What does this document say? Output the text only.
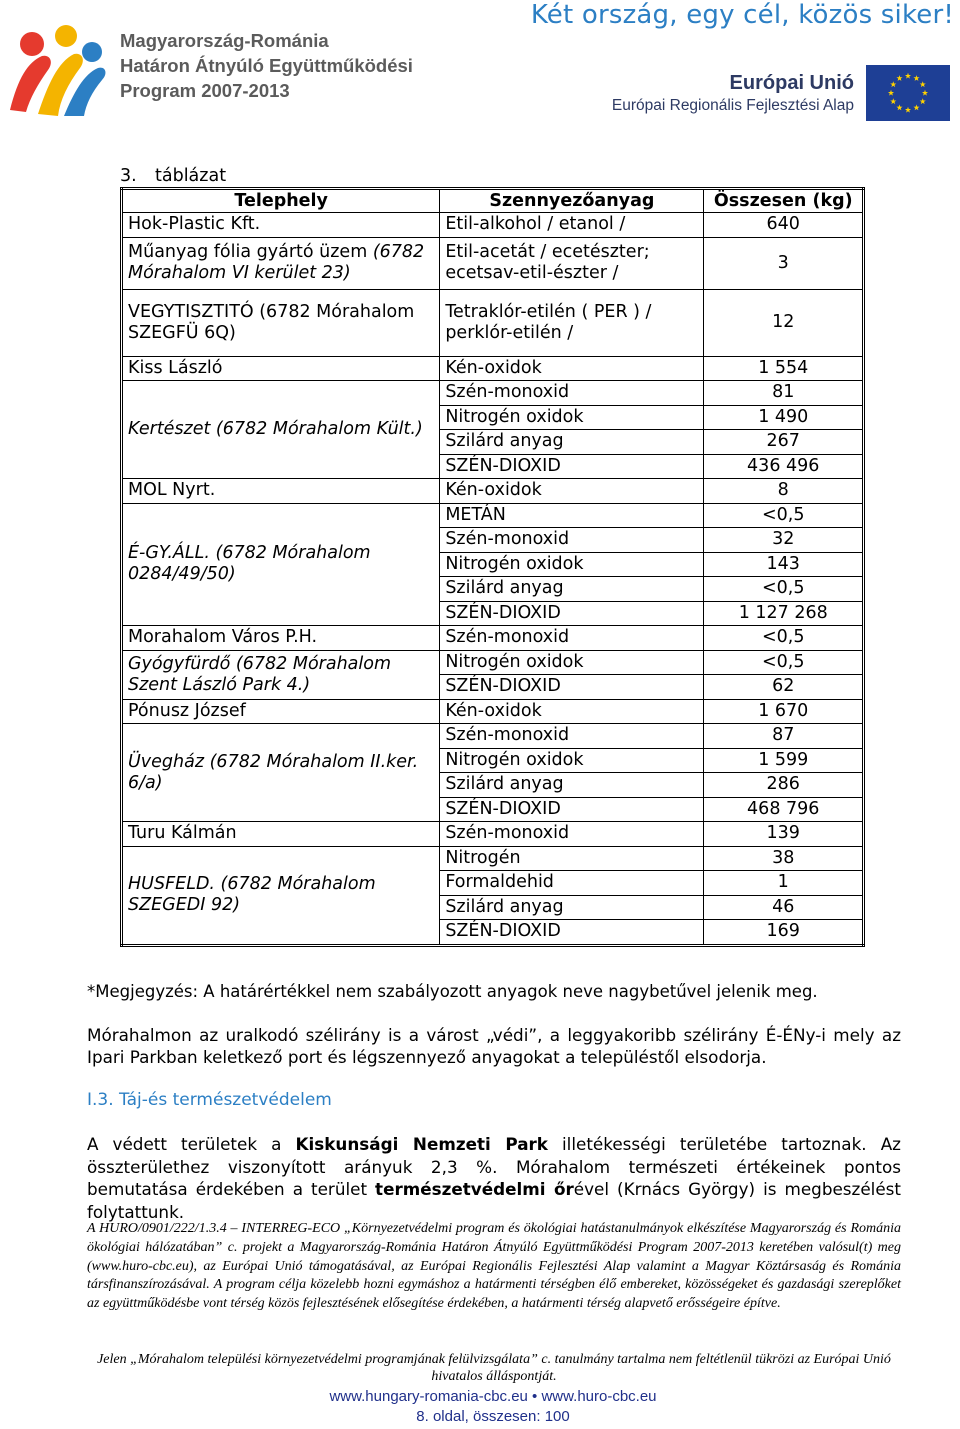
Két ország, egy cél, közös siker!
Magyarország-Románia
Határon Átnyúló Együttműködési
Program 2007-2013	Európai Unió
Európai Regionális Fejlesztési Alap
3. táblázat
Telephely	Szennyezőanyag	Összesen (kg)
Hok-Plastic Kft.	Etil-alkohol / etanol /	640
Műanyag fólia gyártó üzem (6782 Mórahalom VI kerület 23)	Etil-acetát / ecetészter; ecetsav-etil-észter /	3
VEGYTISZTITÓ (6782 Mórahalom SZEGFÜ 6Q)	Tetraklór-etilén ( PER ) / perklór-etilén /	12
Kiss László	Kén-oxidok	1 554
Kertészet (6782 Mórahalom Kült.)	Szén-monoxid	81
	Nitrogén oxidok	1 490
	Szilárd anyag	267
	SZÉN-DIOXID	436 496
MOL Nyrt.	Kén-oxidok	8
É-GY.ÁLL. (6782 Mórahalom 0284/49/50)	METÁN	<0,5
	Szén-monoxid	32
	Nitrogén oxidok	143
	Szilárd anyag	<0,5
	SZÉN-DIOXID	1 127 268
Morahalom Város P.H.	Szén-monoxid	<0,5
Gyógyfürdő (6782 Mórahalom Szent László Park 4.)	Nitrogén oxidok	<0,5
	SZÉN-DIOXID	62
Pónusz József	Kén-oxidok	1 670
Üvegház (6782 Mórahalom II.ker. 6/a)	Szén-monoxid	87
	Nitrogén oxidok	1 599
	Szilárd anyag	286
	SZÉN-DIOXID	468 796
Turu Kálmán	Szén-monoxid	139
HUSFELD. (6782 Mórahalom SZEGEDI 92)	Nitrogén	38
	Formaldehid	1
	Szilárd anyag	46
	SZÉN-DIOXID	169
*Megjegyzés: A határértékkel nem szabályozott anyagok neve nagybetűvel jelenik meg.
Mórahalmon az uralkodó szélirány is a várost „védi”, a leggyakoribb szélirány É-ÉNy-i mely az Ipari Parkban keletkező port és légszennyező anyagokat a településtől elsodorja.
I.3. Táj-és természetvédelem
A védett területek a Kiskunsági Nemzeti Park illetékességi területébe tartoznak. Az összterülethez viszonyított arányuk 2,3 %. Mórahalom természeti értékeinek pontos bemutatása érdekében a terület természetvédelmi őrével (Krnács György) is megbeszélést folytattunk.
A HURO/0901/222/1.3.4 – INTERREG-ECO „Környezetvédelmi program és ökológiai hatástanulmányok elkészítése Magyarország és Románia ökológiai hálózatában” c. projekt a Magyarország-Románia Határon Átnyúló Együttműködési Program 2007-2013 keretében valósul(t) meg (www.huro-cbc.eu), az Európai Unió támogatásával, az Európai Regionális Fejlesztési Alap valamint a Magyar Köztársaság és Románia társfinanszírozásával. A program célja közelebb hozni egymáshoz a határmenti térségben élő embereket, közösségeket és gazdasági szereplőket az együttműködésbe vont térség közös fejlesztésének elősegítése érdekében, a határmenti térség alapvető erősségeire építve.
Jelen „Mórahalom települési környezetvédelmi programjának felülvizsgálata” c. tanulmány tartalma nem feltétlenül tükrözi az Európai Unió hivatalos álláspontját.
www.hungary-romania-cbc.eu • www.huro-cbc.eu
8. oldal, összesen: 100
